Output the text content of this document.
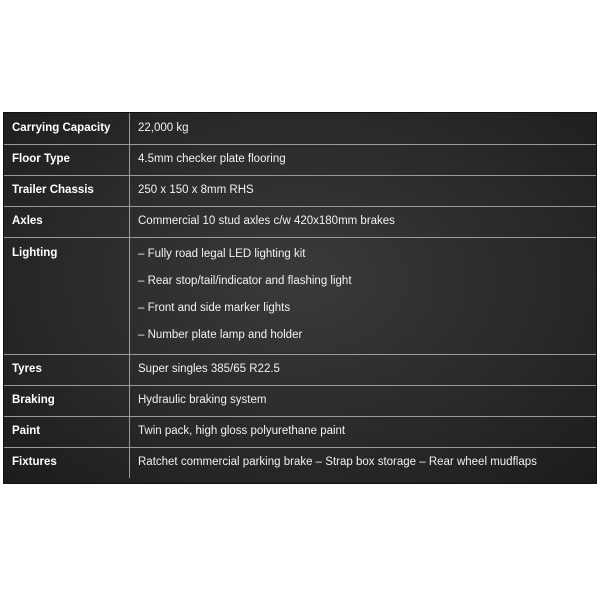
Carrying Capacity	22,000 kg
Floor Type	4.5mm checker plate flooring
Trailer Chassis	250 x 150 x 8mm RHS
Axles	Commercial 10 stud axles c/w 420x180mm brakes
Lighting	– Fully road legal LED lighting kit
– Rear stop/tail/indicator and flashing light
– Front and side marker lights
– Number plate lamp and holder

Tyres	Super singles 385/65 R22.5
Braking	Hydraulic braking system
Paint	Twin pack, high gloss polyurethane paint
Fixtures	Ratchet commercial parking brake – Strap box storage – Rear wheel mudflaps
